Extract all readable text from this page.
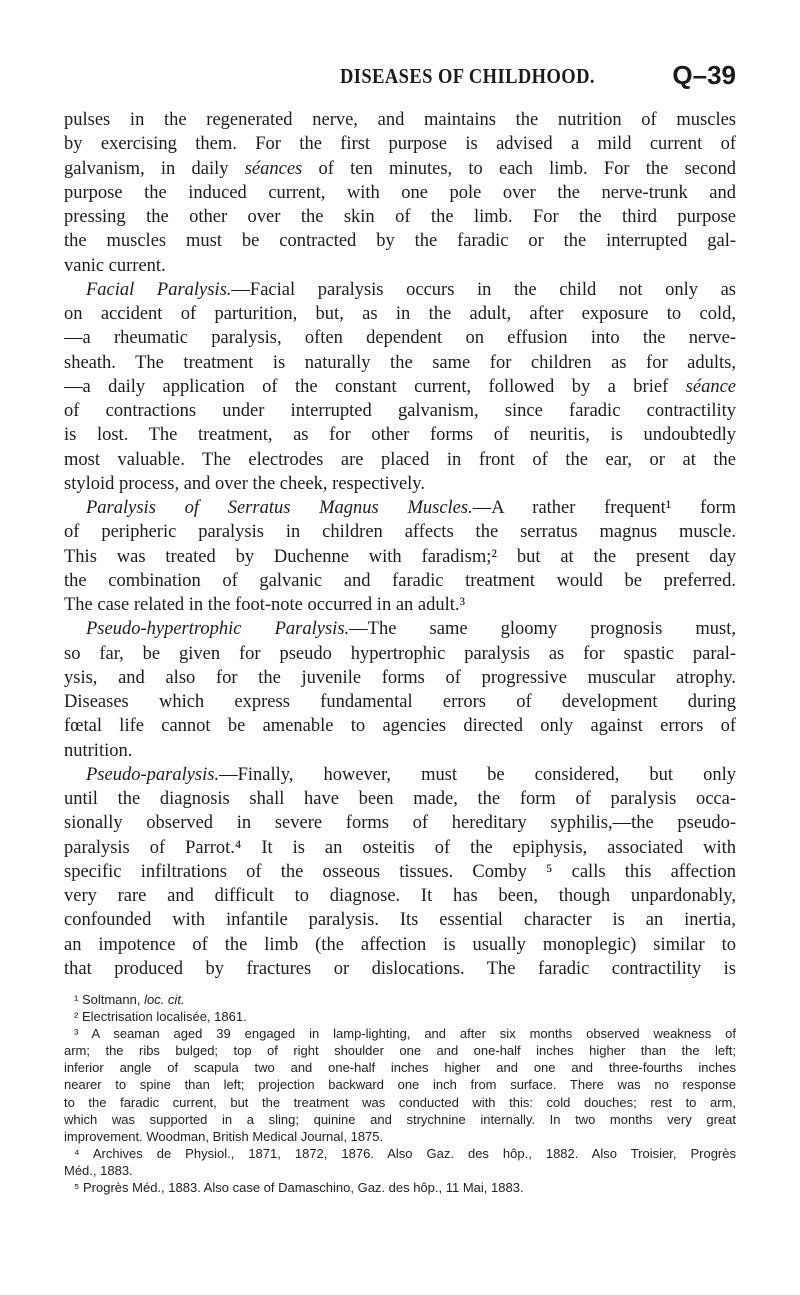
DISEASES OF CHILDHOOD.	Q–39
pulses in the regenerated nerve, and maintains the nutrition of muscles
by exercising them. For the first purpose is advised a mild current of
galvanism, in daily séances of ten minutes, to each limb. For the second
purpose the induced current, with one pole over the nerve-trunk and
pressing the other over the skin of the limb. For the third purpose
the muscles must be contracted by the faradic or the interrupted gal-
vanic current.
Facial Paralysis.—Facial paralysis occurs in the child not only as
on accident of parturition, but, as in the adult, after exposure to cold,
—a rheumatic paralysis, often dependent on effusion into the nerve-
sheath. The treatment is naturally the same for children as for adults,
—a daily application of the constant current, followed by a brief séance
of contractions under interrupted galvanism, since faradic contractility
is lost. The treatment, as for other forms of neuritis, is undoubtedly
most valuable. The electrodes are placed in front of the ear, or at the
styloid process, and over the cheek, respectively.
Paralysis of Serratus Magnus Muscles.—A rather frequent¹ form
of peripheric paralysis in children affects the serratus magnus muscle.
This was treated by Duchenne with faradism;² but at the present day
the combination of galvanic and faradic treatment would be preferred.
The case related in the foot-note occurred in an adult.³
Pseudo-hypertrophic Paralysis.—The same gloomy prognosis must,
so far, be given for pseudo hypertrophic paralysis as for spastic paral-
ysis, and also for the juvenile forms of progressive muscular atrophy.
Diseases which express fundamental errors of development during
fœtal life cannot be amenable to agencies directed only against errors of
nutrition.
Pseudo-paralysis.—Finally, however, must be considered, but only
until the diagnosis shall have been made, the form of paralysis occa-
sionally observed in severe forms of hereditary syphilis,—the pseudo-
paralysis of Parrot.⁴ It is an osteitis of the epiphysis, associated with
specific infiltrations of the osseous tissues. Comby ⁵ calls this affection
very rare and difficult to diagnose. It has been, though unpardonably,
confounded with infantile paralysis. Its essential character is an inertia,
an impotence of the limb (the affection is usually monoplegic) similar to
that produced by fractures or dislocations. The faradic contractility is
¹ Soltmann, loc. cit.
² Electrisation localisée, 1861.
³ A seaman aged 39 engaged in lamp-lighting, and after six months observed weakness of
arm; the ribs bulged; top of right shoulder one and one-half inches higher than the left;
inferior angle of scapula two and one-half inches higher and one and three-fourths inches
nearer to spine than left; projection backward one inch from surface. There was no response
to the faradic current, but the treatment was conducted with this: cold douches; rest to arm,
which was supported in a sling; quinine and strychnine internally. In two months very great
improvement. Woodman, British Medical Journal, 1875.
⁴ Archives de Physiol., 1871, 1872, 1876. Also Gaz. des hôp., 1882. Also Troisier, Progrès
Méd., 1883.
⁵ Progrès Méd., 1883. Also case of Damaschino, Gaz. des hôp., 11 Mai, 1883.
